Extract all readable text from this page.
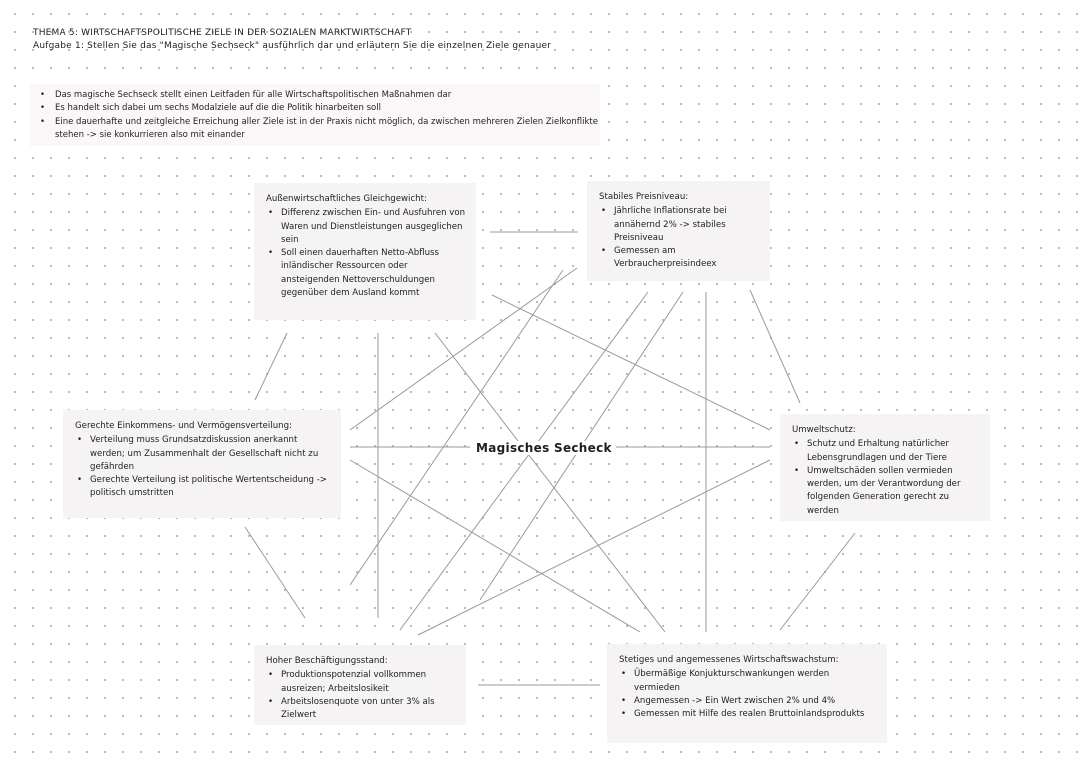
THEMA 5: WIRTSCHAFTSPOLITISCHE ZIELE IN DER SOZIALEN MARKTWIRTSCHAFT
Aufgabe 1: Stellen Sie das "Magische Sechseck" ausführlich dar und erläutern Sie die einzelnen Ziele genauer
• Das magische Sechseck stellt einen Leitfaden für alle Wirtschaftspolitischen Maßnahmen dar
• Es handelt sich dabei um sechs Modalziele auf die die Politik hinarbeiten soll
• Eine dauerhafte und zeitgleiche Erreichung aller Ziele ist in der Praxis nicht möglich, da zwischen mehreren Zielen Zielkonflikte stehen -> sie konkurrieren also mit einander
Magisches Secheck
Außenwirtschaftliches Gleichgewicht:
• Differenz zwischen Ein- und Ausfuhren von Waren und Dienstleistungen ausgeglichen sein
• Soll einen dauerhaften Netto-Abfluss inländischer Ressourcen oder ansteigenden Nettoverschuldungen gegenüber dem Ausland kommt
Stabiles Preisniveau:
• Jährliche Inflationsrate bei annähernd 2% -> stabiles Preisniveau
• Gemessen am Verbraucherpreisindeex
Gerechte Einkommens- und Vermögensverteilung:
• Verteilung muss Grundsatzdiskussion anerkannt werden; um Zusammenhalt der Gesellschaft nicht zu gefährden
• Gerechte Verteilung ist politische Wertentscheidung -> politisch umstritten
Umweltschutz:
• Schutz und Erhaltung natürlicher Lebensgrundlagen und der Tiere
• Umweltschäden sollen vermieden werden, um der Verantwordung der folgenden Generation gerecht zu werden
Hoher Beschäftigungsstand:
• Produktionspotenzial vollkommen ausreizen; Arbeitslosikeit
• Arbeitslosenquote von unter 3% als Zielwert
Stetiges und angemessenes Wirtschaftswachstum:
• Übermäßige Konjukturschwankungen werden vermieden
• Angemessen -> Ein Wert zwischen 2% und 4%
• Gemessen mit Hilfe des realen Bruttoinlandsprodukts
